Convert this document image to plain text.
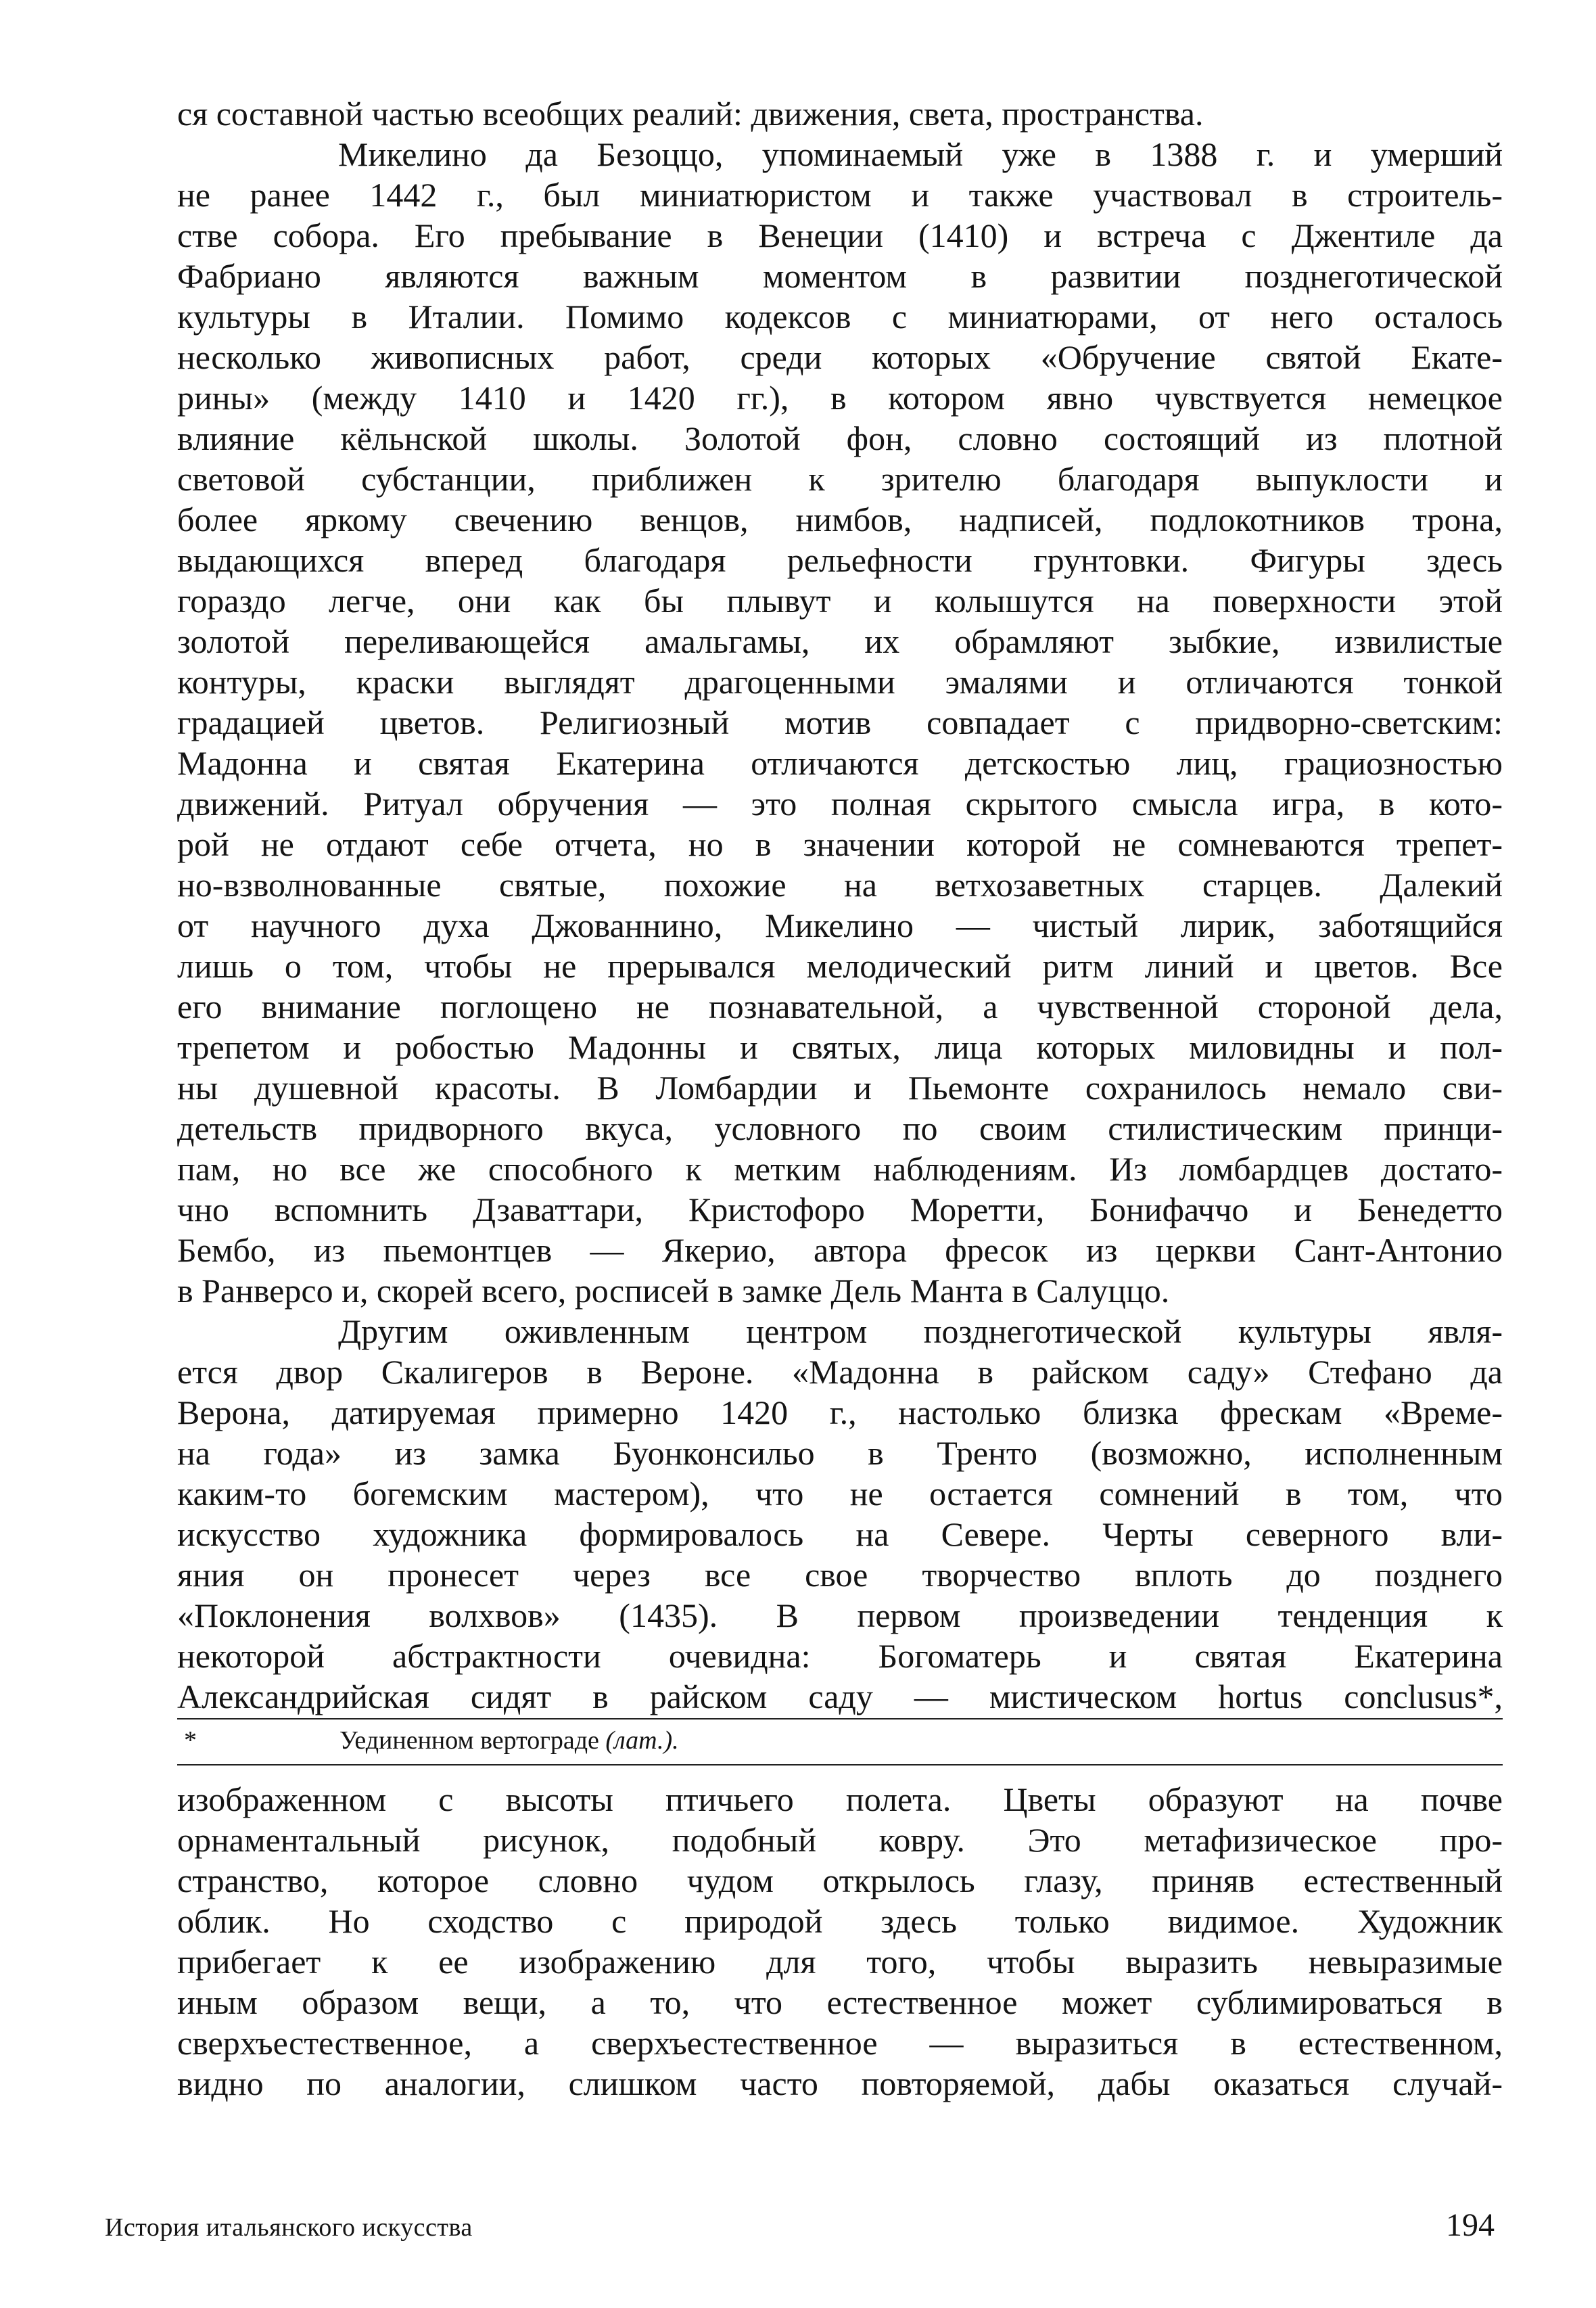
ся составной частью всеобщих реалий: движения, света, пространства.
Микелино да Безоццо, упоминаемый уже в 1388 г. и умерший
не ранее 1442 г., был миниатюристом и также участвовал в строитель-
стве собора. Его пребывание в Венеции (1410) и встреча с Джентиле да
Фабриано являются важным моментом в развитии позднеготической
культуры в Италии. Помимо кодексов с миниатюрами, от него осталось
несколько живописных работ, среди которых «Обручение святой Екате-
рины» (между 1410 и 1420 гг.), в котором явно чувствуется немецкое
влияние кёльнской школы. Золотой фон, словно состоящий из плотной
световой субстанции, приближен к зрителю благодаря выпуклости и
более яркому свечению венцов, нимбов, надписей, подлокотников трона,
выдающихся вперед благодаря рельефности грунтовки. Фигуры здесь
гораздо легче, они как бы плывут и колышутся на поверхности этой
золотой переливающейся амальгамы, их обрамляют зыбкие, извилистые
контуры, краски выглядят драгоценными эмалями и отличаются тонкой
градацией цветов. Религиозный мотив совпадает с придворно-светским:
Мадонна и святая Екатерина отличаются детскостью лиц, грациозностью
движений. Ритуал обручения — это полная скрытого смысла игра, в кото-
рой не отдают себе отчета, но в значении которой не сомневаются трепет-
но-взволнованные святые, похожие на ветхозаветных старцев. Далекий
от научного духа Джованнино, Микелино — чистый лирик, заботящийся
лишь о том, чтобы не прерывался мелодический ритм линий и цветов. Все
его внимание поглощено не познавательной, а чувственной стороной дела,
трепетом и робостью Мадонны и святых, лица которых миловидны и пол-
ны душевной красоты. В Ломбардии и Пьемонте сохранилось немало сви-
детельств придворного вкуса, условного по своим стилистическим принци-
пам, но все же способного к метким наблюдениям. Из ломбардцев достато-
чно вспомнить Дзаваттари, Кристофоро Моретти, Бонифаччо и Бенедетто
Бембо, из пьемонтцев — Якерио, автора фресок из церкви Сант-Антонио
в Ранверсо и, скорей всего, росписей в замке Дель Манта в Салуццо.
Другим оживленным центром позднеготической культуры явля-
ется двор Скалигеров в Вероне. «Мадонна в райском саду» Стефано да
Верона, датируемая примерно 1420 г., настолько близка фрескам «Време-
на года» из замка Буонконсильо в Тренто (возможно, исполненным
каким-то богемским мастером), что не остается сомнений в том, что
искусство художника формировалось на Севере. Черты северного вли-
яния он пронесет через все свое творчество вплоть до позднего
«Поклонения волхвов» (1435). В первом произведении тенденция к
некоторой абстрактности очевидна: Богоматерь и святая Екатерина
Александрийская сидят в райском саду — мистическом hortus conclusus*,
*	Уединенном вертограде (лат.).
изображенном с высоты птичьего полета. Цветы образуют на почве
орнаментальный рисунок, подобный ковру. Это метафизическое про-
странство, которое словно чудом открылось глазу, приняв естественный
облик. Но сходство с природой здесь только видимое. Художник
прибегает к ее изображению для того, чтобы выразить невыразимые
иным образом вещи, а то, что естественное может сублимироваться в
сверхъестественное, а сверхъестественное — выразиться в естественном,
видно по аналогии, слишком часто повторяемой, дабы оказаться случай-
История итальянского искусства	194
